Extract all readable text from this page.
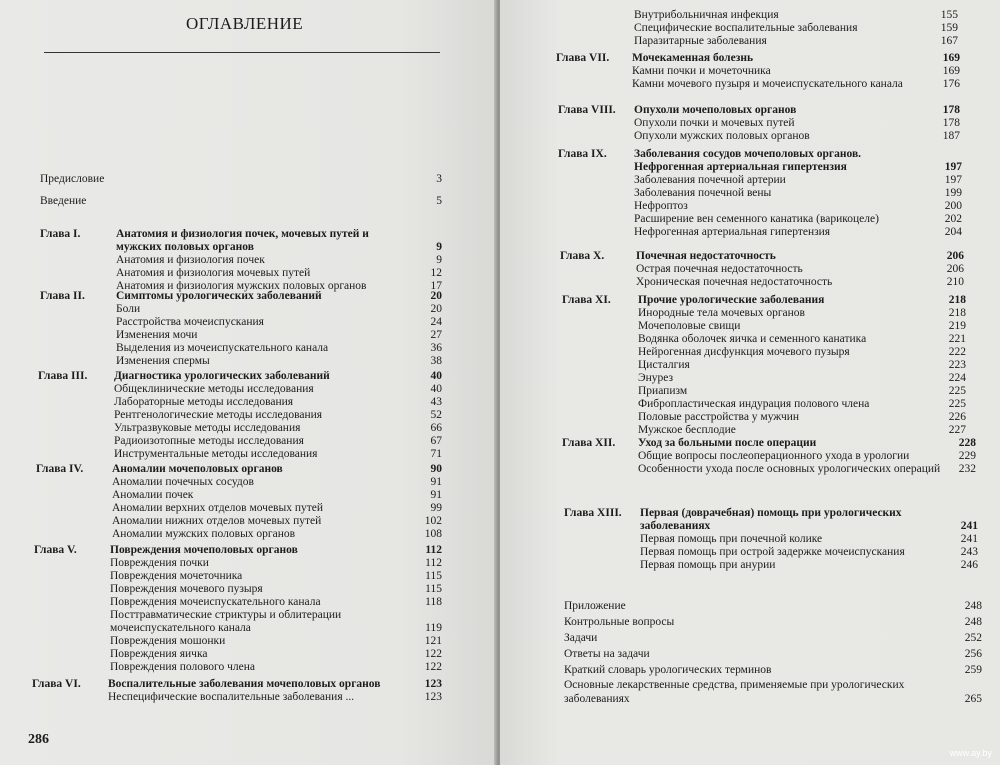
ОГЛАВЛЕНИЕ
Предисловие	3
Введение	5
Глава I.	Анатомия и физиология почек, мочевых путей и мужских половых органов	9
Анатомия и физиология почек	9
Анатомия и физиология мочевых путей	12
Анатомия и физиология мужских половых органов	17
Глава II.	Симптомы урологических заболеваний	20
Боли	20
Расстройства мочеиспускания	24
Изменения мочи	27
Выделения из мочеиспускательного канала	36
Изменения спермы	38
Глава III. Диагностика урологических заболеваний	40
Общеклинические методы исследования	40
Лабораторные методы исследования	43
Рентгенологические методы исследования	52
Ультразвуковые методы исследования	66
Радиоизотопные методы исследования	67
Инструментальные методы исследования	71
Глава IV.	Аномалии мочеполовых органов	90
Аномалии почечных сосудов	91
Аномалии почек	91
Аномалии верхних отделов мочевых путей	99
Аномалии нижних отделов мочевых путей	102
Аномалии мужских половых органов	108
Глава V.	Повреждения мочеполовых органов	112
Повреждения почки	112
Повреждения мочеточника	115
Повреждения мочевого пузыря	115
Повреждения мочеиспускательного канала	118
Посттравматические стриктуры и облитерации мочеиспускательного канала	119
Повреждения мошонки	121
Повреждения яичка	122
Повреждения полового члена	122
Глава VI. Воспалительные заболевания мочеполовых органов	123
Неспецифические воспалительные заболевания ...	123
286
Внутрибольничная инфекция	155
Специфические воспалительные заболевания	159
Паразитарные заболевания	167
Глава VII. Мочекаменная болезнь	169
Камни почки и мочеточника	169
Камни мочевого пузыря и мочеиспускательного канала	176
Глава VIII. Опухоли мочеполовых органов	178
Опухоли почки и мочевых путей	178
Опухоли мужских половых органов	187
Глава IX. Заболевания сосудов мочеполовых органов. Нефрогенная артериальная гипертензия	197
Заболевания почечной артерии	197
Заболевания почечной вены	199
Нефроптоз	200
Расширение вен семенного канатика (варикоцеле)	202
Нефрогенная артериальная гипертензия	204
Глава X.	Почечная недостаточность	206
Острая почечная недостаточность	206
Хроническая почечная недостаточность	210
Глава XI. Прочие урологические заболевания	218
Инородные тела мочевых органов	218
Мочеполовые свищи	219
Водянка оболочек яичка и семенного канатика	221
Нейрогенная дисфункция мочевого пузыря	222
Цисталгия	223
Энурез	224
Приапизм	225
Фибропластическая индурация полового члена	225
Половые расстройства у мужчин	226
Мужское бесплодие	227
Глава XII. Уход за больными после операции	228
Общие вопросы послеоперационного ухода в урологии	229
Особенности ухода после основных урологических операций	232
Глава XIII. Первая (доврачебная) помощь при урологических заболеваниях	241
Первая помощь при почечной колике	241
Первая помощь при острой задержке мочеиспускания	243
Первая помощь при анурии	246
Приложение	248
Контрольные вопросы	248
Задачи	252
Ответы на задачи	256
Краткий словарь урологических терминов	259
Основные лекарственные средства, применяемые при урологических заболеваниях	265
www.ay.by
